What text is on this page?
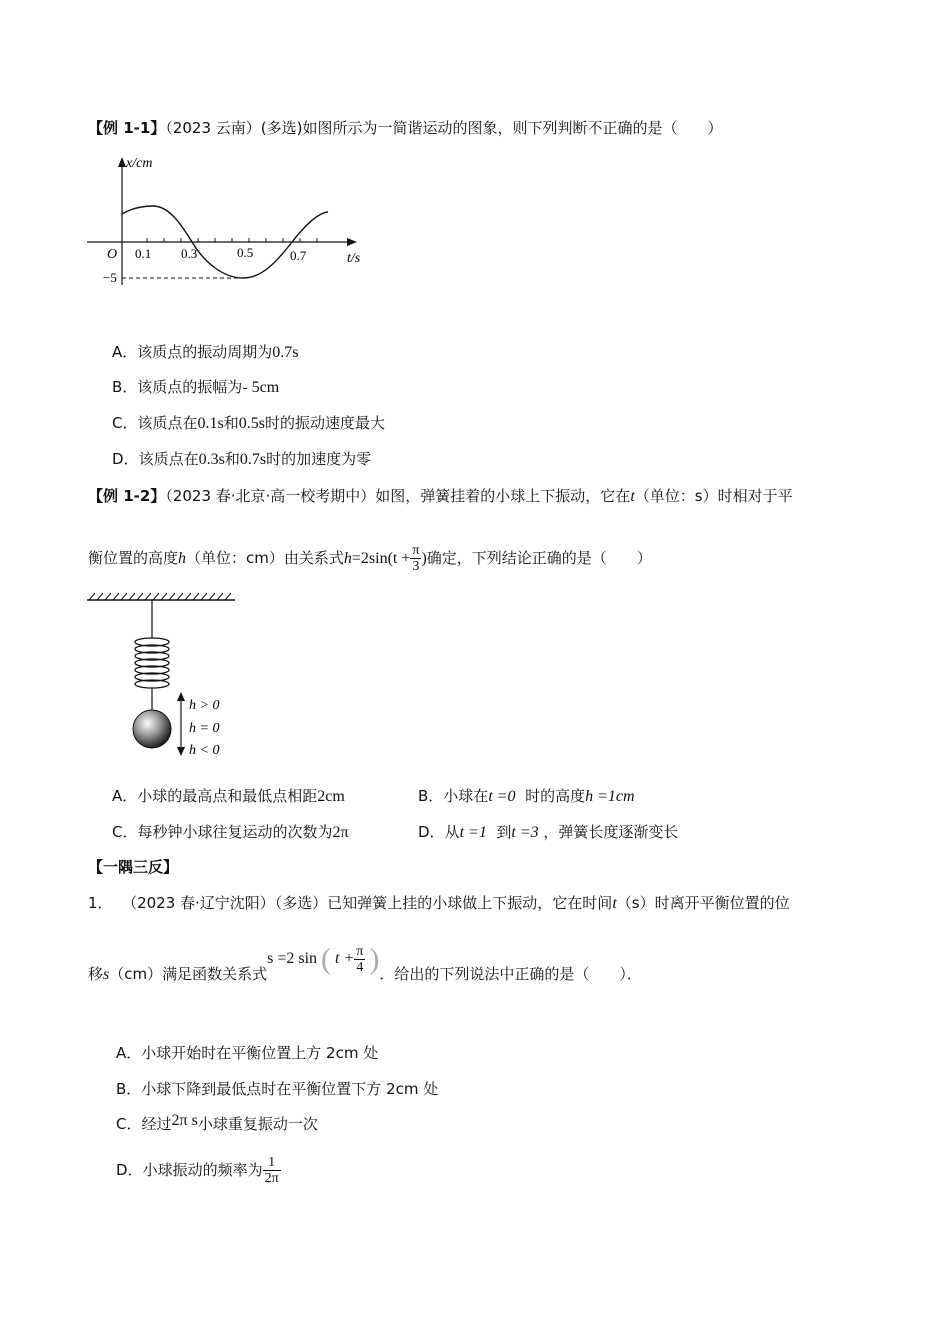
【例 1-1】（2023 云南）(多选)如图所示为一简谐运动的图象，则下列判断不正确的是（　　）
x/cm
t/s
O 0.1 0.3	0.5	0.7
−5
A．该质点的振动周期为0.7s
B．该质点的振幅为- 5cm
C．该质点在0.1s和0.5s时的振动速度最大
D．该质点在0.3s和0.7s时的加速度为零
【例 1-2】（2023 春·北京·高一校考期中）如图，弹簧挂着的小球上下振动，它在t（单位：s）时相对于平
衡位置的高度h（单位：cm）由关系式$h=2\sin(t + \frac{\pi}{3}$ )确定，下列结论正确的是（　　）
h > 0
h = 0
h < 0
A．小球的最高点和最低点相距2cm	B．小球在t =0 时的高度h =1cm
C．每秒钟小球往复运动的次数为2π	D．从t =1 到t =3 ，弹簧长度逐渐变长
【一隅三反】
1． （2023 春·辽宁沈阳）（多选）已知弹簧上挂的小球做上下振动，它在时间t（s）时离开平衡位置的位
移s（cm）满足函数关系式s =2 sin ( $t + \frac{\pi}{4}$ )．给出的下列说法中正确的是（　　）．
A．小球开始时在平衡位置上方 2cm 处
B．小球下降到最低点时在平衡位置下方 2cm 处
C．经过2π s小球重复振动一次
D．小球振动的频率为 $\frac{1}{2\pi}$
